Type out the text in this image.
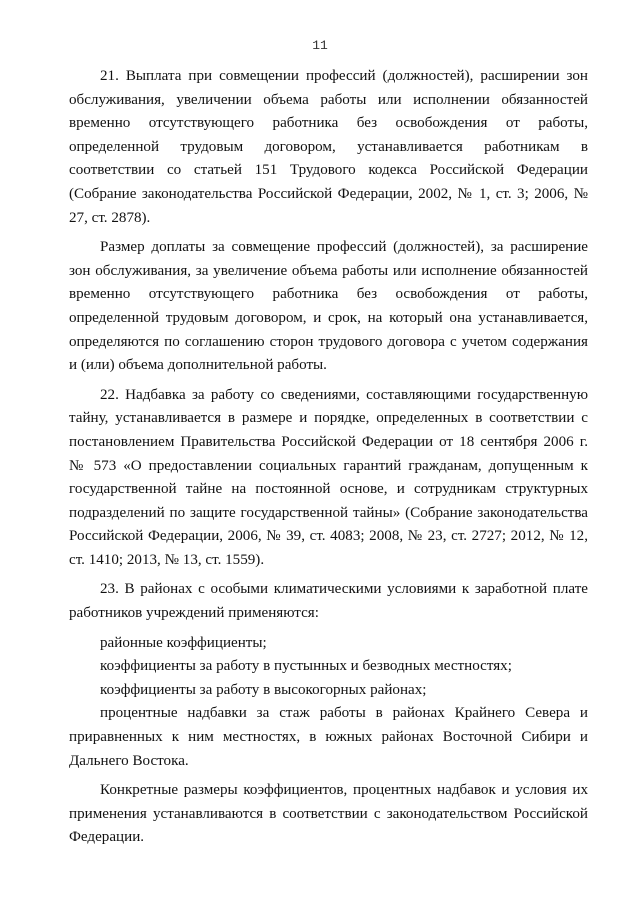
11

21. Выплата при совмещении профессий (должностей), расширении зон обслуживания, увеличении объема работы или исполнении обязанностей временно отсутствующего работника без освобождения от работы, определенной трудовым договором, устанавливается работникам в соответствии со статьей 151 Трудового кодекса Российской Федерации (Собрание законодательства Российской Федерации, 2002, № 1, ст. 3; 2006, № 27, ст. 2878).

Размер доплаты за совмещение профессий (должностей), за расширение зон обслуживания, за увеличение объема работы или исполнение обязанностей временно отсутствующего работника без освобождения от работы, определенной трудовым договором, и срок, на который она устанавливается, определяются по соглашению сторон трудового договора с учетом содержания и (или) объема дополнительной работы.

22. Надбавка за работу со сведениями, составляющими государственную тайну, устанавливается в размере и порядке, определенных в соответствии с постановлением Правительства Российской Федерации от 18 сентября 2006 г. № 573 «О предоставлении социальных гарантий гражданам, допущенным к государственной тайне на постоянной основе, и сотрудникам структурных подразделений по защите государственной тайны» (Собрание законодательства Российской Федерации, 2006, № 39, ст. 4083; 2008, № 23, ст. 2727; 2012, № 12, ст. 1410; 2013, № 13, ст. 1559).

23. В районах с особыми климатическими условиями к заработной плате работников учреждений применяются:

районные коэффициенты;

коэффициенты за работу в пустынных и безводных местностях;

коэффициенты за работу в высокогорных районах;

процентные надбавки за стаж работы в районах Крайнего Севера и приравненных к ним местностях, в южных районах Восточной Сибири и Дальнего Востока.

Конкретные размеры коэффициентов, процентных надбавок и условия их применения устанавливаются в соответствии с законодательством Российской Федерации.
